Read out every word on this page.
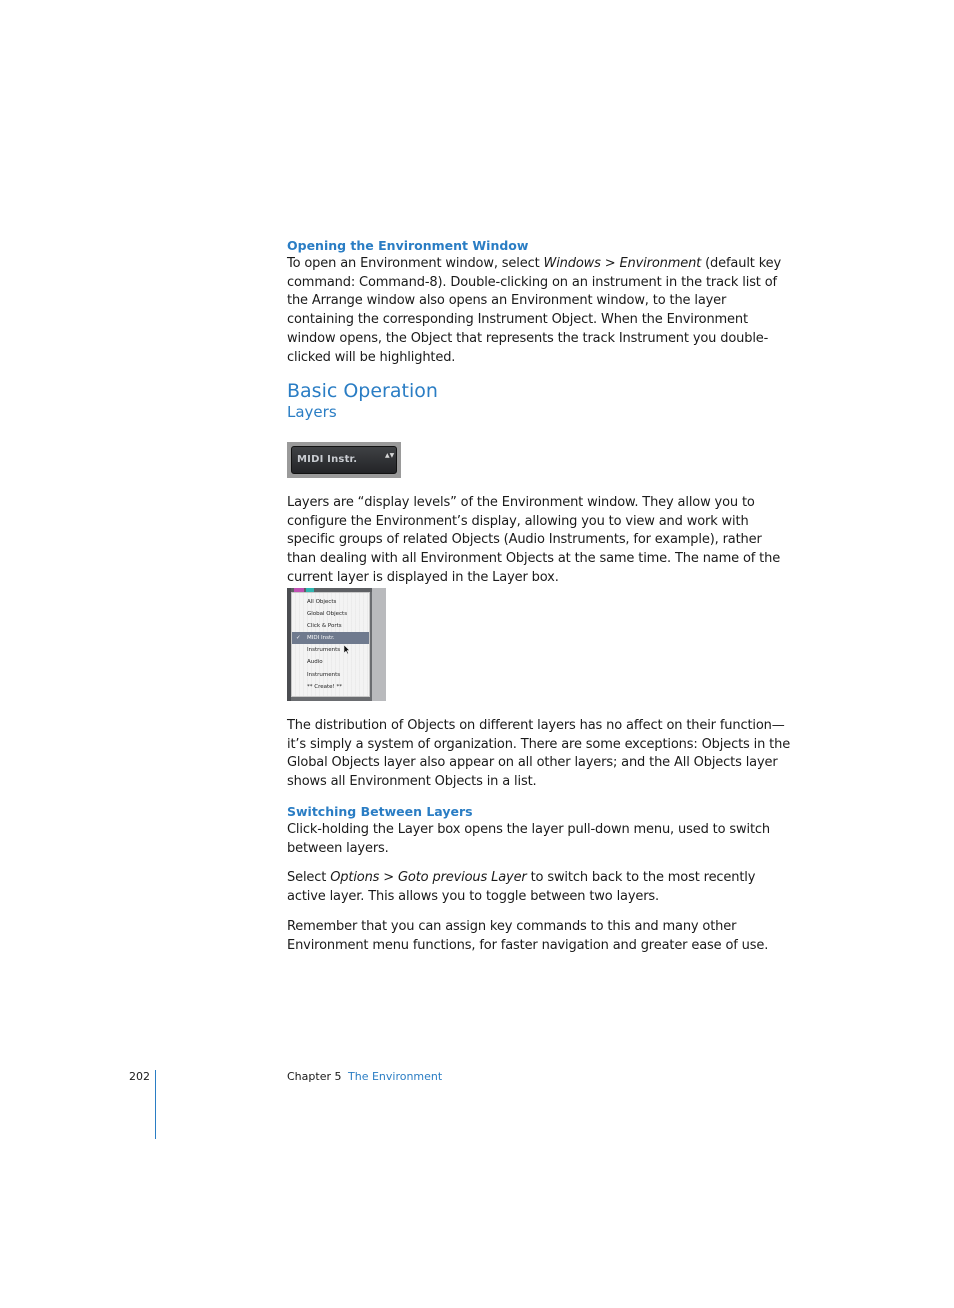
Opening the Environment Window

To open an Environment window, select Windows > Environment (default key command: Command-8). Double-clicking on an instrument in the track list of the Arrange window also opens an Environment window, to the layer containing the corresponding Instrument Object. When the Environment window opens, the Object that represents the track Instrument you double-clicked will be highlighted.

Basic Operation
Layers
MIDI Instr.	▲▼

Layers are “display levels” of the Environment window. They allow you to configure the Environment’s display, allowing you to view and work with specific groups of related Objects (Audio Instruments, for example), rather than dealing with all Environment Objects at the same time. The name of the current layer is displayed in the Layer box.

All Objects
Global Objects
Click & Ports
✓ MIDI Instr.
Instruments
Audio
Instruments
** Create! **

The distribution of Objects on different layers has no affect on their function—it’s simply a system of organization. There are some exceptions: Objects in the Global Objects layer also appear on all other layers; and the All Objects layer shows all Environment Objects in a list.

Switching Between Layers

Click-holding the Layer box opens the layer pull-down menu, used to switch between layers.

Select Options > Goto previous Layer to switch back to the most recently active layer. This allows you to toggle between two layers.

Remember that you can assign key commands to this and many other Environment menu functions, for faster navigation and greater ease of use.

202	Chapter 5 The Environment
